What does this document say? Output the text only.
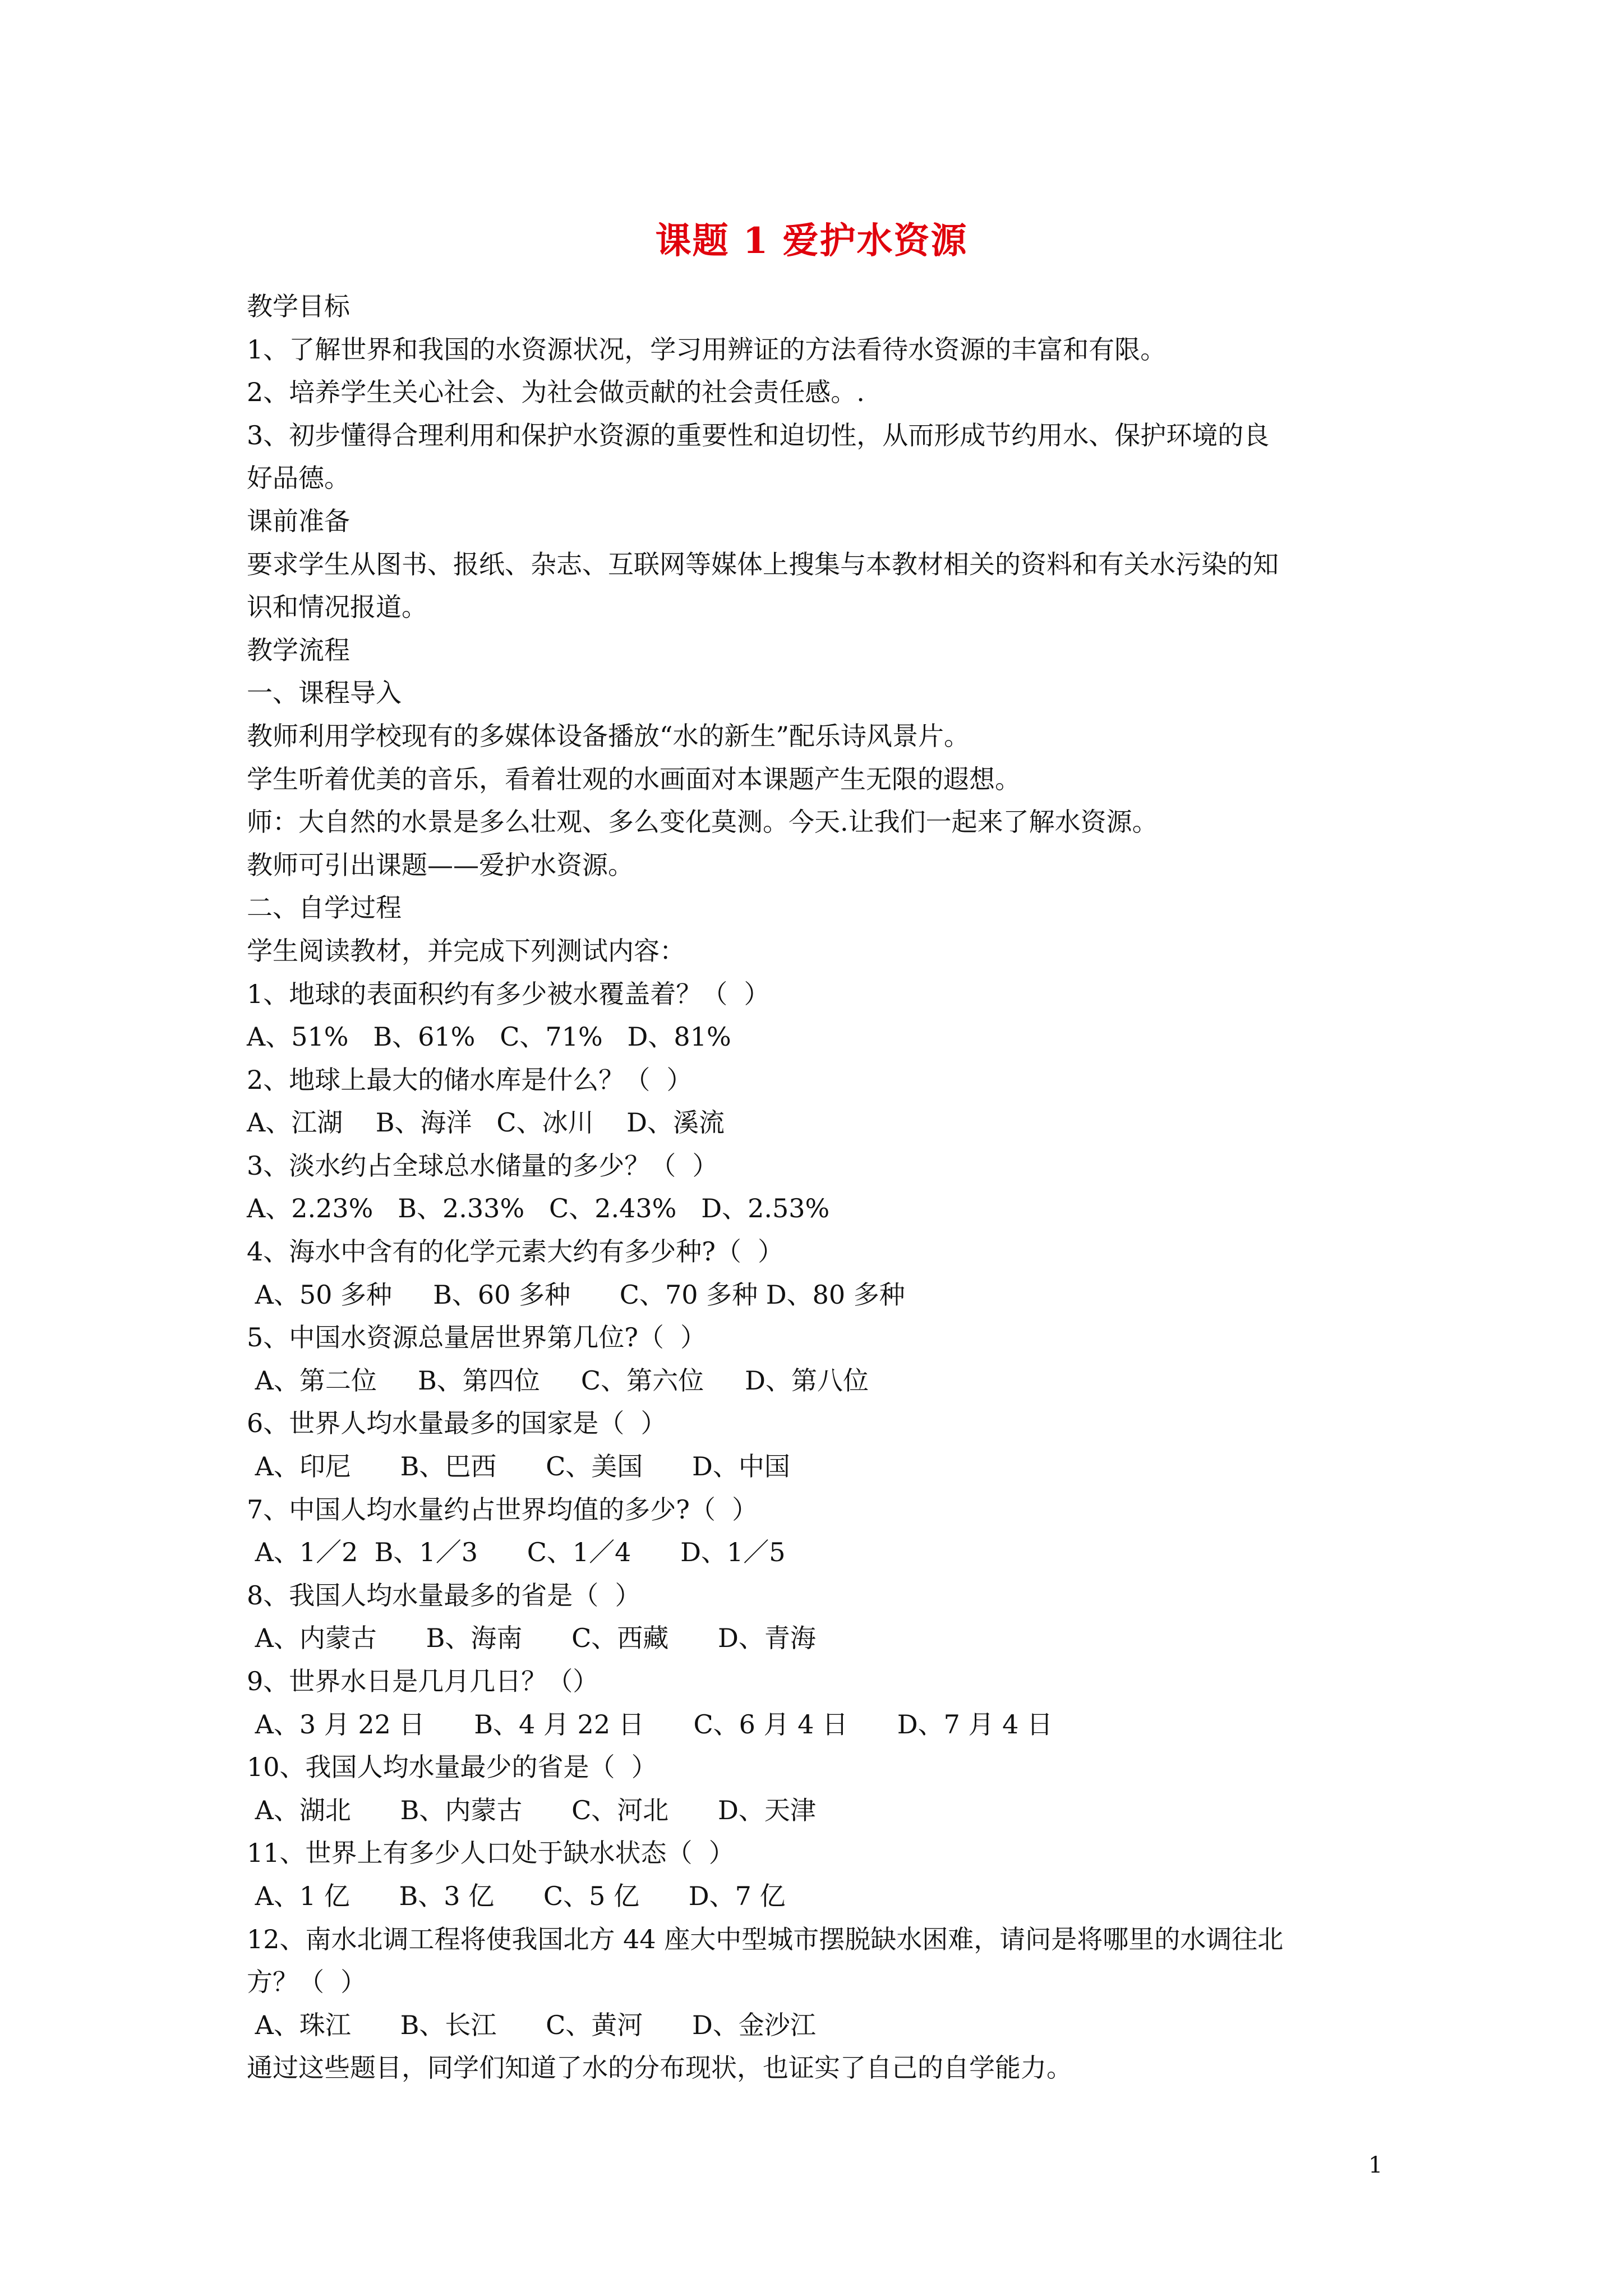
课题 1 爱护水资源
教学目标
1、了解世界和我国的水资源状况，学习用辨证的方法看待水资源的丰富和有限。
2、培养学生关心社会、为社会做贡献的社会责任感。.
3、初步懂得合理利用和保护水资源的重要性和迫切性，从而形成节约用水、保护环境的良
好品德。
课前准备
要求学生从图书、报纸、杂志、互联网等媒体上搜集与本教材相关的资料和有关水污染的知
识和情况报道。
教学流程
一、课程导入
教师利用学校现有的多媒体设备播放“水的新生”配乐诗风景片。
学生听着优美的音乐，看着壮观的水画面对本课题产生无限的遐想。
师：大自然的水景是多么壮观、多么变化莫测。今天.让我们一起来了解水资源。
教师可引出课题——爱护水资源。
二、自学过程
学生阅读教材，并完成下列测试内容：
1、地球的表面积约有多少被水覆盖着？（  ）
A、51%   B、61%   C、71%   D、81%
2、地球上最大的储水库是什么？（  ）
A、江湖    B、海洋   C、冰川    D、溪流
3、淡水约占全球总水储量的多少？（  ）
A、2.23%   B、2.33%   C、2.43%   D、2.53%
4、海水中含有的化学元素大约有多少种?（  ）
A、50 多种     B、60 多种      C、70 多种 D、80 多种
5、中国水资源总量居世界第几位?（  ）
A、第二位     B、第四位     C、第六位     D、第八位
6、世界人均水量最多的国家是（  ）
A、印尼      B、巴西      C、美国      D、中国
7、中国人均水量约占世界均值的多少?（  ）
A、1／2  B、1／3      C、1／4      D、1／5
8、我国人均水量最多的省是（  ）
A、内蒙古      B、海南      C、西藏      D、青海
9、世界水日是几月几日？（）
A、3 月 22 日      B、4 月 22 日      C、6 月 4 日      D、7 月 4 日
10、我国人均水量最少的省是（  ）
A、湖北      B、内蒙古      C、河北      D、天津
11、世界上有多少人口处于缺水状态（  ）
A、1 亿      B、3 亿      C、5 亿      D、7 亿
12、南水北调工程将使我国北方 44 座大中型城市摆脱缺水困难，请问是将哪里的水调往北
方？（  ）
A、珠江      B、长江      C、黄河      D、金沙江
通过这些题目，同学们知道了水的分布现状，也证实了自己的自学能力。
1
